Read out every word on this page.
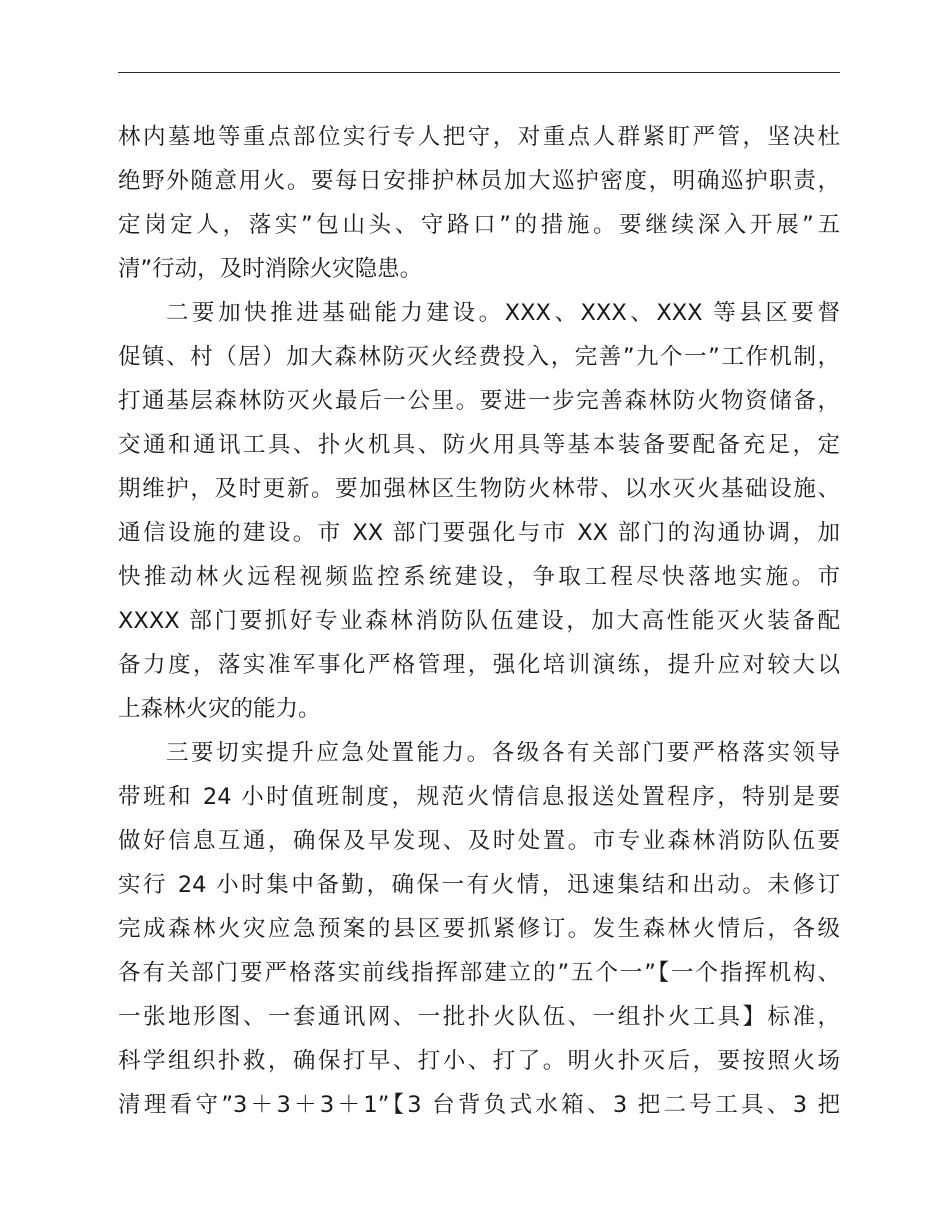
林内墓地等重点部位实行专人把守，对重点人群紧盯严管，坚决杜
绝野外随意用火。要每日安排护林员加大巡护密度，明确巡护职责，
定岗定人，落实”包山头、守路口”的措施。要继续深入开展”五
清”行动，及时消除火灾隐患。
二要加快推进基础能力建设。XXX、XXX、XXX 等县区要督
促镇、村（居）加大森林防灭火经费投入，完善”九个一”工作机制，
打通基层森林防灭火最后一公里。要进一步完善森林防火物资储备，
交通和通讯工具、扑火机具、防火用具等基本装备要配备充足，定
期维护，及时更新。要加强林区生物防火林带、以水灭火基础设施、
通信设施的建设。市 XX 部门要强化与市 XX 部门的沟通协调，加
快推动林火远程视频监控系统建设，争取工程尽快落地实施。市
XXXX 部门要抓好专业森林消防队伍建设，加大高性能灭火装备配
备力度，落实准军事化严格管理，强化培训演练，提升应对较大以
上森林火灾的能力。
三要切实提升应急处置能力。各级各有关部门要严格落实领导
带班和 24 小时值班制度，规范火情信息报送处置程序，特别是要
做好信息互通，确保及早发现、及时处置。市专业森林消防队伍要
实行 24 小时集中备勤，确保一有火情，迅速集结和出动。未修订
完成森林火灾应急预案的县区要抓紧修订。发生森林火情后，各级
各有关部门要严格落实前线指挥部建立的”五个一”【一个指挥机构、
一张地形图、一套通讯网、一批扑火队伍、一组扑火工具】标准，
科学组织扑救，确保打早、打小、打了。明火扑灭后，要按照火场
清理看守”3＋3＋3＋1”【3 台背负式水箱、3 把二号工具、3 把
